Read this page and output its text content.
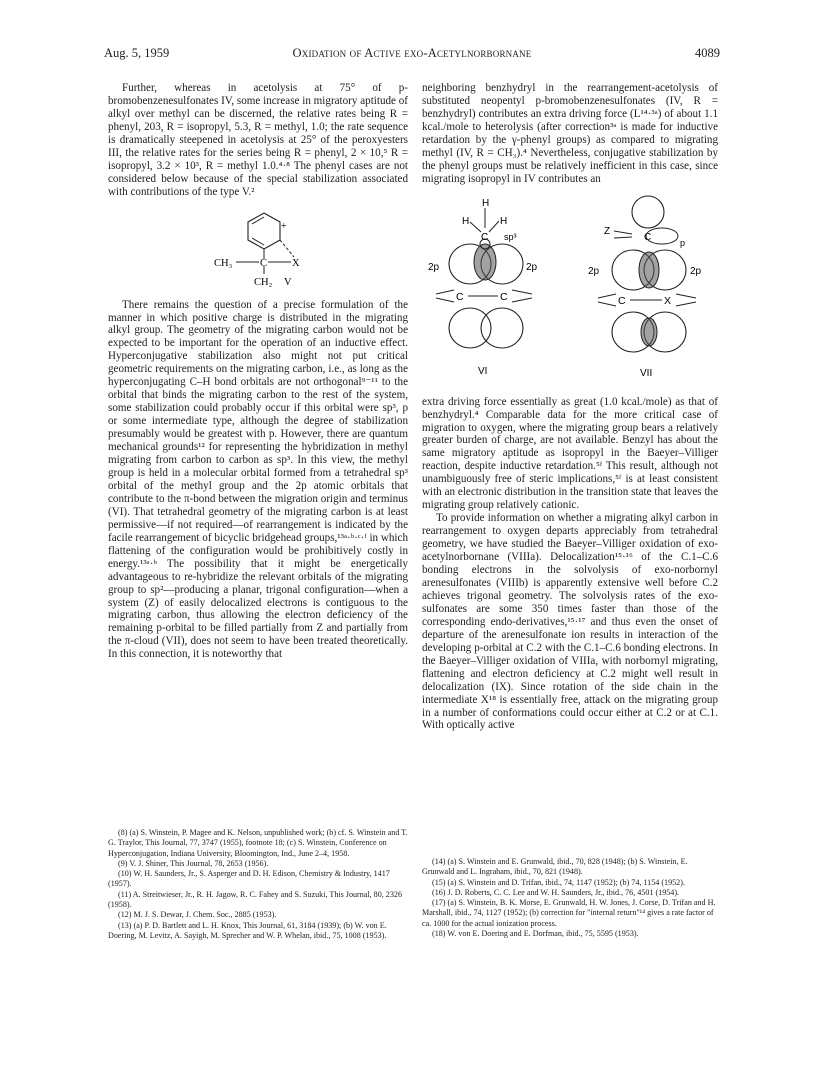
Aug. 5, 1959	Oxidation of Active exo-Acetylnorbornane	4089

Further, whereas in acetolysis at 75° of p-bromobenzenesulfonates IV, some increase in migratory aptitude of alkyl over methyl can be discerned, the relative rates being R = phenyl, 203, R = isopropyl, 5.3, R = methyl, 1.0; the rate sequence is dramatically steepened in acetolysis at 25° of the peroxyesters III, the relative rates for the series being R = phenyl, 2 × 10,⁵ R = isopropyl, 3.2 × 10³, R = methyl 1.0.⁴·⁸ The phenyl cases are not considered below because of the special stabilization associated with contributions of the type V.²

+
CH₃	C X
CH₂ V

There remains the question of a precise formulation of the manner in which positive charge is distributed in the migrating alkyl group. The geometry of the migrating carbon would not be expected to be important for the operation of an inductive effect. Hyperconjugative stabilization also might not put critical geometric requirements on the migrating carbon, i.e., as long as the hyperconjugating C–H bond orbitals are not orthogonal⁹⁻¹¹ to the orbital that binds the migrating carbon to the rest of the system, some stabilization could probably occur if this orbital were sp³, p or some intermediate type, although the degree of stabilization presumably would be greatest with p. However, there are quantum mechanical grounds¹² for representing the hybridization in methyl migrating from carbon to carbon as sp³. In this view, the methyl group is held in a molecular orbital formed from a tetrahedral sp³ orbital of the methyl group and the 2p atomic orbitals that contribute to the π-bond between the migration origin and terminus (VI). That tetrahedral geometry of the migrating carbon is at least permissive—if not required—of rearrangement is indicated by the facile rearrangement of bicyclic bridgehead groups,¹³ᵃ·ᵇ·ᶜ·ᶠ in which flattening of the configuration would be prohibitively costly in energy.¹³ᵃ·ᵇ The possibility that it might be energetically advantageous to re-hybridize the relevant orbitals of the migrating group to sp²—producing a planar, trigonal configuration—when a system (Z) of easily delocalized electrons is contiguous to the migrating carbon, thus allowing the electron deficiency of the remaining p-orbital to be filled partially from Z and partially from the π-cloud (VII), does not seem to have been treated theoretically. In this connection, it is noteworthy that

neighboring benzhydryl in the rearrangement-acetolysis of substituted neopentyl p-bromobenzenesulfonates (IV, R = benzhydryl) contributes an extra driving force (L¹⁴·³ᵃ) of about 1.1 kcal./mole to heterolysis (after correction³ᵃ is made for inductive retardation by the γ-phenyl groups) as compared to migrating methyl (IV, R = CH₃).⁴ Nevertheless, conjugative stabilization by the phenyl groups must be relatively inefficient in this case, since migrating isopropyl in IV contributes an

H
H	H
C sp³
2p	2p
C	C
VI
Z
C	p
2p	2p
C	X
VII

extra driving force essentially as great (1.0 kcal./mole) as that of benzhydryl.⁴ Comparable data for the more critical case of migration to oxygen, where the migrating group bears a relatively greater burden of charge, are not available. Benzyl has about the same migratory aptitude as isopropyl in the Baeyer–Villiger reaction, despite inductive retardation.⁵ᶠ This result, although not unambiguously free of steric implications,⁵ᶠ is at least consistent with an electronic distribution in the transition state that leaves the migrating group relatively cationic.

To provide information on whether a migrating alkyl carbon in rearrangement to oxygen departs appreciably from tetrahedral geometry, we have studied the Baeyer–Villiger oxidation of exo-acetylnorbornane (VIIIa). Delocalization¹⁵·¹⁶ of the C.1–C.6 bonding electrons in the solvolysis of exo-norbornyl arenesulfonates (VIIIb) is apparently extensive well before C.2 achieves trigonal geometry. The solvolysis rates of the exo-sulfonates are some 350 times faster than those of the corresponding endo-derivatives,¹⁵·¹⁷ and thus even the onset of departure of the arenesulfonate ion results in interaction of the developing p-orbital at C.2 with the C.1–C.6 bonding electrons. In the Baeyer–Villiger oxidation of VIIIa, with norbornyl migrating, flattening and electron deficiency at C.2 might well result in delocalization (IX). Since rotation of the side chain in the intermediate X¹⁸ is essentially free, attack on the migrating group in a number of conformations could occur either at C.2 or at C.1. With optically active

(8) (a) S. Winstein, P. Magee and K. Nelson, unpublished work; (b) cf. S. Winstein and T. G. Traylor, This Journal, 77, 3747 (1955), footnote 18; (c) S. Winstein, Conference on Hyperconjugation, Indiana University, Bloomington, Ind., June 2–4, 1958.

(9) V. J. Shiner, This Journal, 78, 2653 (1956).

(10) W. H. Saunders, Jr., S. Asperger and D. H. Edison, Chemistry & Industry, 1417 (1957).

(11) A. Streitwieser, Jr., R. H. Jagow, R. C. Fahey and S. Suzuki, This Journal, 80, 2326 (1958).

(12) M. J. S. Dewar, J. Chem. Soc., 2885 (1953).

(13) (a) P. D. Bartlett and L. H. Knox, This Journal, 61, 3184 (1939); (b) W. von E. Doering, M. Levitz, A. Sayigh, M. Sprecher and W. P. Whelan, ibid., 75, 1008 (1953).

(14) (a) S. Winstein and E. Grunwald, ibid., 70, 828 (1948); (b) S. Winstein, E. Grunwald and L. Ingraham, ibid., 70, 821 (1948).

(15) (a) S. Winstein and D. Trifan, ibid., 74, 1147 (1952); (b) 74, 1154 (1952).

(16) J. D. Roberts, C. C. Lee and W. H. Saunders, Jr., ibid., 76, 4501 (1954).

(17) (a) S. Winstein, B. K. Morse, E. Grunwald, H. W. Jones, J. Corse, D. Trifan and H. Marshall, ibid., 74, 1127 (1952); (b) correction for "internal return"¹⁴ gives a rate factor of ca. 1000 for the actual ionization process.

(18) W. von E. Doering and E. Dorfman, ibid., 75, 5595 (1953).
